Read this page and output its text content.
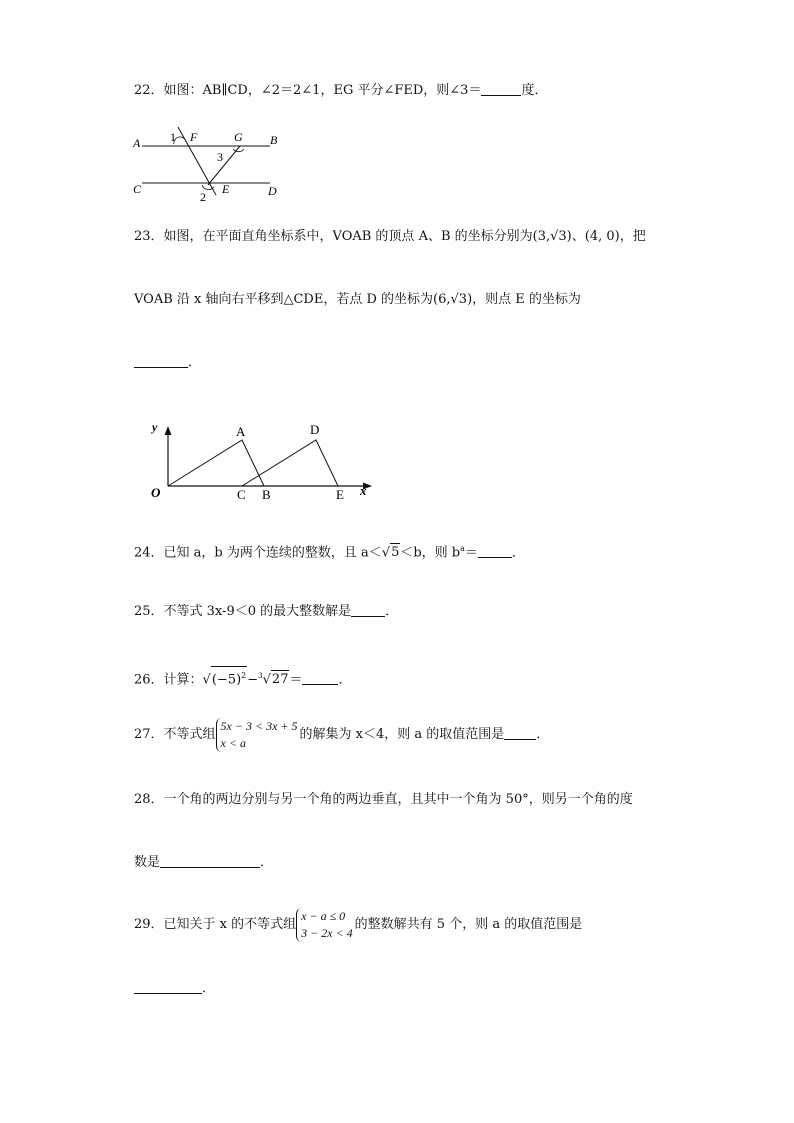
22．如图：AB∥CD，∠2＝2∠1，EG 平分∠FED，则∠3＝	度．
A 1 F	G B
3
C	E	D
2
23．如图，在平面直角坐标系中，VOAB 的顶点 A、B 的坐标分别为(3,√3)、(4, 0)，把
VOAB 沿 x 轴向右平移到△CDE，若点 D 的坐标为(6,√3)，则点 E 的坐标为
．
y
O
A	D
C B	E x
24．已知 a，b 为两个连续的整数，且 a＜√5＜b，则 $b^a=$	．
25．不等式 3x-9＜0 的最大整数解是	．
26．计算：$√(-5)^2-^3√27=$	．
27．不等式组
5x − 3 < 3x + 5
x < a
的解集为 x＜4，则 a 的取值范围是 ．
28．一个角的两边分别与另一个角的两边垂直，且其中一个角为 50°，则另一个角的度
数是	．
29．已知关于 x 的不等式组
x − a ≤ 0
3 − 2x < 4
的整数解共有 5 个，则 a 的取值范围是
．
